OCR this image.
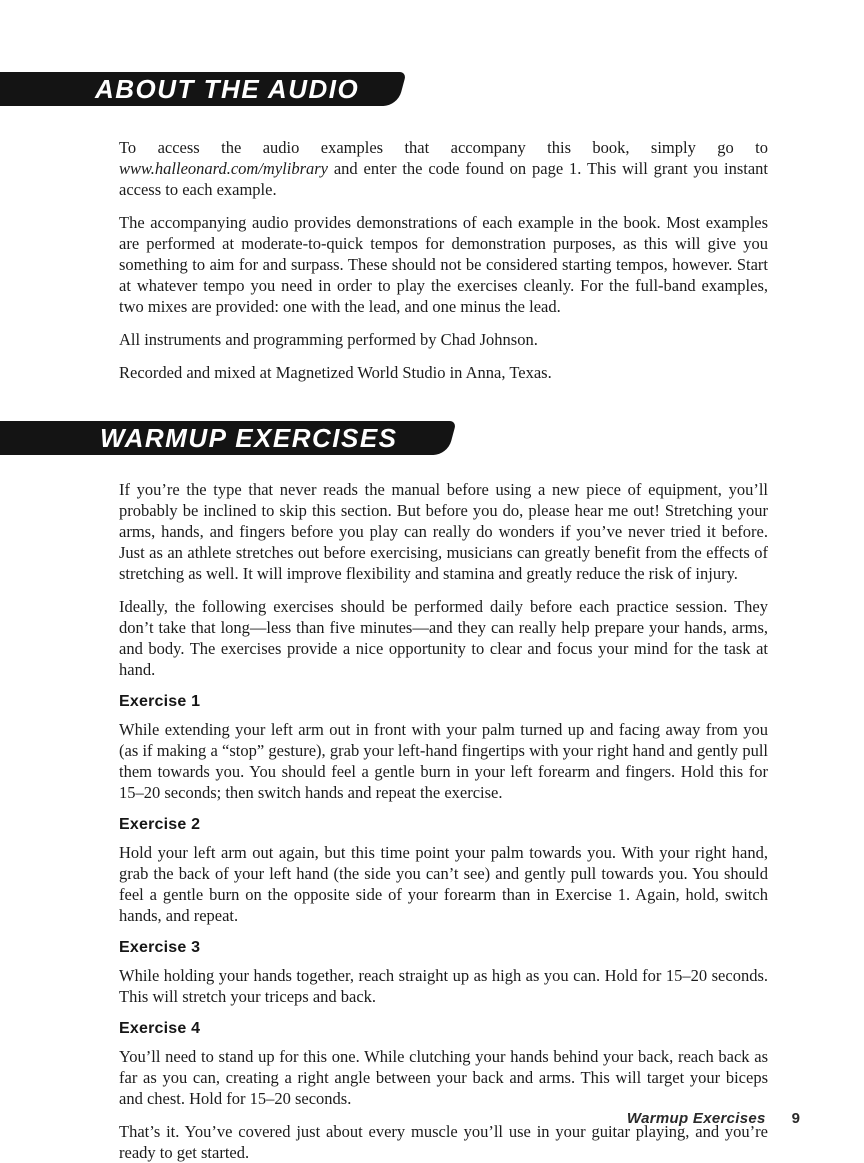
ABOUT THE AUDIO

To access the audio examples that accompany this book, simply go to www.halleonard.com/mylibrary and enter the code found on page 1. This will grant you instant access to each example.

The accompanying audio provides demonstrations of each example in the book. Most examples are performed at moderate-to-quick tempos for demonstration purposes, as this will give you something to aim for and surpass. These should not be considered starting tempos, however. Start at whatever tempo you need in order to play the exercises cleanly. For the full-band examples, two mixes are provided: one with the lead, and one minus the lead.

All instruments and programming performed by Chad Johnson.

Recorded and mixed at Magnetized World Studio in Anna, Texas.

WARMUP EXERCISES

If you’re the type that never reads the manual before using a new piece of equipment, you’ll probably be inclined to skip this section. But before you do, please hear me out! Stretching your arms, hands, and fingers before you play can really do wonders if you’ve never tried it before. Just as an athlete stretches out before exercising, musicians can greatly benefit from the effects of stretching as well. It will improve flexibility and stamina and greatly reduce the risk of injury.

Ideally, the following exercises should be performed daily before each practice session. They don’t take that long—less than five minutes—and they can really help prepare your hands, arms, and body. The exercises provide a nice opportunity to clear and focus your mind for the task at hand.

Exercise 1

While extending your left arm out in front with your palm turned up and facing away from you (as if making a “stop” gesture), grab your left-hand fingertips with your right hand and gently pull them towards you. You should feel a gentle burn in your left forearm and fingers. Hold this for 15–20 seconds; then switch hands and repeat the exercise.

Exercise 2

Hold your left arm out again, but this time point your palm towards you. With your right hand, grab the back of your left hand (the side you can’t see) and gently pull towards you. You should feel a gentle burn on the opposite side of your forearm than in Exercise 1. Again, hold, switch hands, and repeat.

Exercise 3

While holding your hands together, reach straight up as high as you can. Hold for 15–20 seconds. This will stretch your triceps and back.

Exercise 4

You’ll need to stand up for this one. While clutching your hands behind your back, reach back as far as you can, creating a right angle between your back and arms. This will target your biceps and chest. Hold for 15–20 seconds.

That’s it. You’ve covered just about every muscle you’ll use in your guitar playing, and you’re ready to get started.

Warmup Exercises 9
